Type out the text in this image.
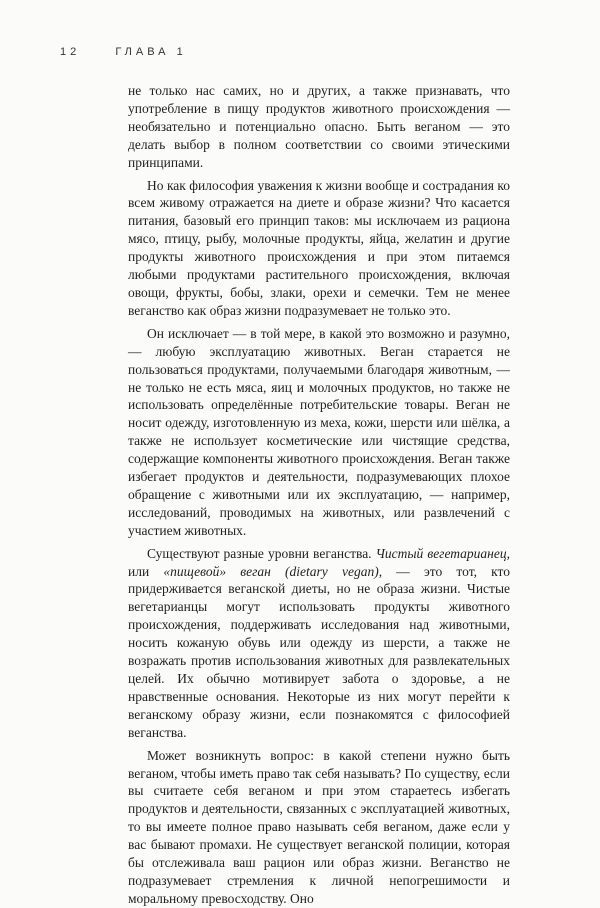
12	ГЛАВА 1

не только нас самих, но и других, а также признавать, что употребление в пищу продуктов животного происхождения — необязательно и потенциально опасно. Быть веганом — это делать выбор в полном соответствии со своими этическими принципами.

Но как философия уважения к жизни вообще и сострадания ко всем живому отражается на диете и образе жизни? Что касается питания, базовый его принцип таков: мы исключаем из рациона мясо, птицу, рыбу, молочные продукты, яйца, желатин и другие продукты животного происхождения и при этом питаемся любыми продуктами растительного происхождения, включая овощи, фрукты, бобы, злаки, орехи и семечки. Тем не менее веганство как образ жизни подразумевает не только это.

Он исключает — в той мере, в какой это возможно и разумно, — любую эксплуатацию животных. Веган старается не пользоваться продуктами, получаемыми благодаря животным, — не только не есть мяса, яиц и молочных продуктов, но также не использовать определённые потребительские товары. Веган не носит одежду, изготовленную из меха, кожи, шерсти или шёлка, а также не использует косметические или чистящие средства, содержащие компоненты животного происхождения. Веган также избегает продуктов и деятельности, подразумевающих плохое обращение с животными или их эксплуатацию, — например, исследований, проводимых на животных, или развлечений с участием животных.

Существуют разные уровни веганства. Чистый вегетарианец, или «пищевой» веган (dietary vegan), — это тот, кто придерживается веганской диеты, но не образа жизни. Чистые вегетарианцы могут использовать продукты животного происхождения, поддерживать исследования над животными, носить кожаную обувь или одежду из шерсти, а также не возражать против использования животных для развлекательных целей. Их обычно мотивирует забота о здоровье, а не нравственные основания. Некоторые из них могут перейти к веганскому образу жизни, если познакомятся с философией веганства.

Может возникнуть вопрос: в какой степени нужно быть веганом, чтобы иметь право так себя называть? По существу, если вы считаете себя веганом и при этом стараетесь избегать продуктов и деятельности, связанных с эксплуатацией животных, то вы имеете полное право называть себя веганом, даже если у вас бывают промахи. Не существует веганской полиции, которая бы отслеживала ваш рацион или образ жизни. Веганство не подразумевает стремления к личной непогрешимости и моральному превосходству. Оно
